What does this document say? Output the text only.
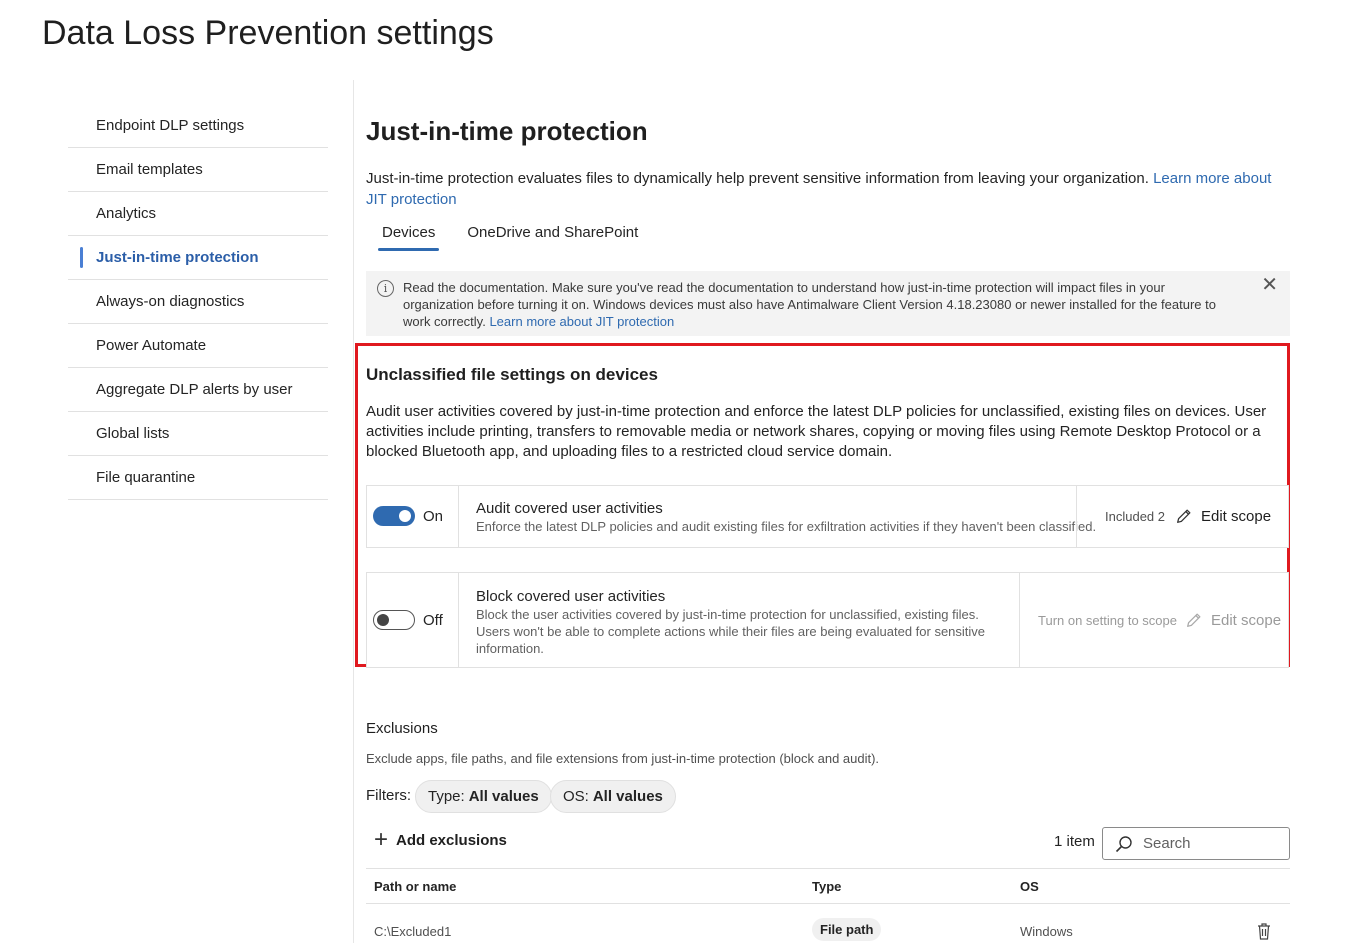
Data Loss Prevention settings
Endpoint DLP settings
Email templates
Analytics
Just-in-time protection
Always-on diagnostics
Power Automate
Aggregate DLP alerts by user
Global lists
File quarantine
Just-in-time protection
Just-in-time protection evaluates files to dynamically help prevent sensitive information from leaving your organization. Learn more about JIT protection
Devices	OneDrive and SharePoint
i	Read the documentation. Make sure you've read the documentation to understand how just-in-time protection will impact files in your organization before turning it on. Windows devices must also have Antimalware Client Version 4.18.23080 or newer installed for the feature to work correctly. Learn more about JIT protection
✕
Unclassified file settings on devices
Audit user activities covered by just-in-time protection and enforce the latest DLP policies for unclassified, existing files on devices. User activities include printing, transfers to removable media or network shares, copying or moving files using Remote Desktop Protocol or a blocked Bluetooth app, and uploading files to a restricted cloud service domain.
On Audit covered user activities
Enforce the latest DLP policies and audit existing files for exfiltration activities if they haven't been classified.
Included 2 Edit scope
Off
Block covered user activities
Block the user activities covered by just-in-time protection for unclassified, existing files. Users won't be able to complete actions while their files are being evaluated for sensitive information.
Turn on setting to scope Edit scope
Exclusions
Exclude apps, file paths, and file extensions from just-in-time protection (block and audit).
Filters: Type: All values OS: All values
+ Add exclusions	1 item
Search
Path or name	Type	OS
C:\Excluded1	File path	Windows
